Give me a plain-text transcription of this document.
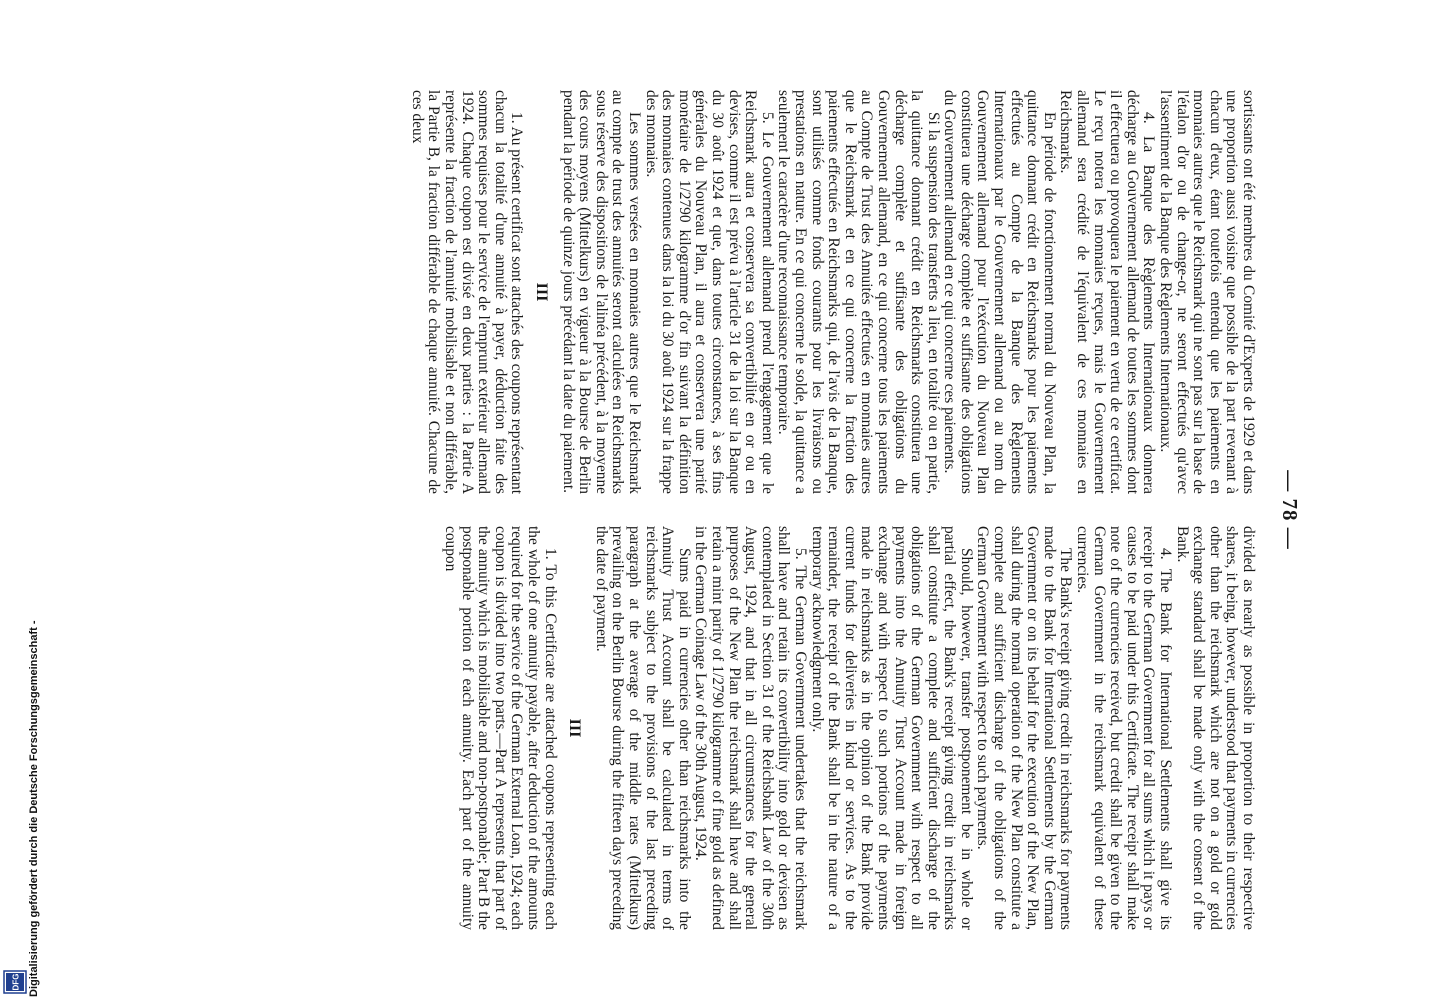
— 78 —

sortissants ont été membres du Comité d'Experts de 1929 et dans une proportion aussi voisine que possible de la part revenant à chacun d'eux, étant toutefois entendu que les paiements en monnaies autres que le Reichsmark qui ne sont pas sur la base de l'étalon d'or ou de change-or, ne seront effectués qu'avec l'assentiment de la Banque des Règlements Internationaux.

4. La Banque des Règlements Internationaux donnera décharge au Gouvernement allemand de toutes les sommes dont il effectuera ou provoquera le paiement en vertu de ce certificat. Le reçu notera les monnaies reçues, mais le Gouvernement allemand sera crédité de l'équivalent de ces monnaies en Reichsmarks.

En période de fonctionnement normal du Nouveau Plan, la quittance donnant crédit en Reichsmarks pour les paiements effectués au Compte de la Banque des Règlements Internationaux par le Gouvernement allemand ou au nom du Gouvernement allemand pour l'exécution du Nouveau Plan constituera une décharge complète et suffisante des obligations du Gouvernement allemand en ce qui concerne ces paiements.

Si la suspension des transferts a lieu, en totalité ou en partie, la quittance donnant crédit en Reichsmarks constituera une décharge complète et suffisante des obligations du Gouvernement allemand, en ce qui concerne tous les paiements au Compte de Trust des Annuités effectués en monnaies autres que le Reichsmark et en ce qui concerne la fraction des paiements effectués en Reichsmarks qui, de l'avis de la Banque, sont utilisés comme fonds courants pour les livraisons ou prestations en nature. En ce qui concerne le solde, la quittance a seulement le caractère d'une reconnaissance temporaire.

5. Le Gouvernement allemand prend l'engagement que le Reichsmark aura et conservera sa convertibilité en or ou en devises, comme il est prévu à l'article 31 de la loi sur la Banque du 30 août 1924 et que, dans toutes circonstances, à ses fins générales du Nouveau Plan, il aura et conservera une parité monétaire de 1/2790 kilogramme d'or fin suivant la définition des monnaies contenues dans la loi du 30 août 1924 sur la frappe des monnaies.

Les sommes versées en monnaies autres que le Reichsmark au compte de trust des annuités seront calculées en Reichsmarks sous réserve des dispositions de l'alinéa précédent, à la moyenne des cours moyens (Mittelkurs) en vigueur à la Bourse de Berlin pendant la période de quinze jours précédant la date du paiement.

III

1. Au présent certificat sont attachés des coupons représentant chacun la totalité d'une annuité à payer, déduction faite des sommes requises pour le service de l'emprunt extérieur allemand 1924. Chaque coupon est divisé en deux parties : la Partie A représente la fraction de l'annuité mobilisable et non différable, la Partie B, la fraction différable de chaque annuité. Chacune de ces deux

divided as nearly as possible in proportion to their respective shares, it being, however, understood that payments in currencies other than the reichsmark which are not on a gold or gold exchange standard shall be made only with the consent of the Bank.

4. The Bank for International Settlements shall give its receipt to the German Government for all sums which it pays or causes to be paid under this Certificate. The receipt shall make note of the currencies received, but credit shall be given to the German Government in the reichsmark equivalent of these currencies.

The Bank's receipt giving credit in reichsmarks for payments made to the Bank for International Settlements by the German Government or on its behalf for the execution of the New Plan, shall during the normal operation of the New Plan constitute a complete and sufficient discharge of the obligations of the German Government with respect to such payments.

Should, however, transfer postponement be in whole or partial effect, the Bank's receipt giving credit in reichsmarks shall constitute a complete and sufficient discharge of the obligations of the German Government with respect to all payments into the Annuity Trust Account made in foreign exchange and with respect to such portions of the payments made in reichsmarks as in the opinion of the Bank provide current funds for deliveries in kind or services. As to the remainder, the receipt of the Bank shall be in the nature of a temporary acknowledgment only.

5. The German Government undertakes that the reichsmark shall have and retain its convertibility into gold or devisen as contemplated in Section 31 of the Reichsbank Law of the 30th August, 1924, and that in all circumstances for the general purposes of the New Plan the reichsmark shall have and shall retain a mint parity of 1/2790 kilogramme of fine gold as defined in the German Coinage Law of the 30th August, 1924.

Sums paid in currencies other than reichsmarks into the Annuity Trust Account shall be calculated in terms of reichsmarks subject to the provisions of the last preceding paragraph at the average of the middle rates (Mittelkurs) prevailing on the Berlin Bourse during the fifteen days preceding the date of payment.

III

1. To this Certificate are attached coupons representing each the whole of one annuity payable, after deduction of the amounts required for the service of the German External Loan, 1924; each coupon is divided into two parts.—Part A represents that part of the annuity which is mobilisable and non-postponable; Part B the postponable portion of each annuity. Each part of the annuity coupon

Digitalisierung gefördert durch die Deutsche Forschungsgemeinschaft -
DFG
